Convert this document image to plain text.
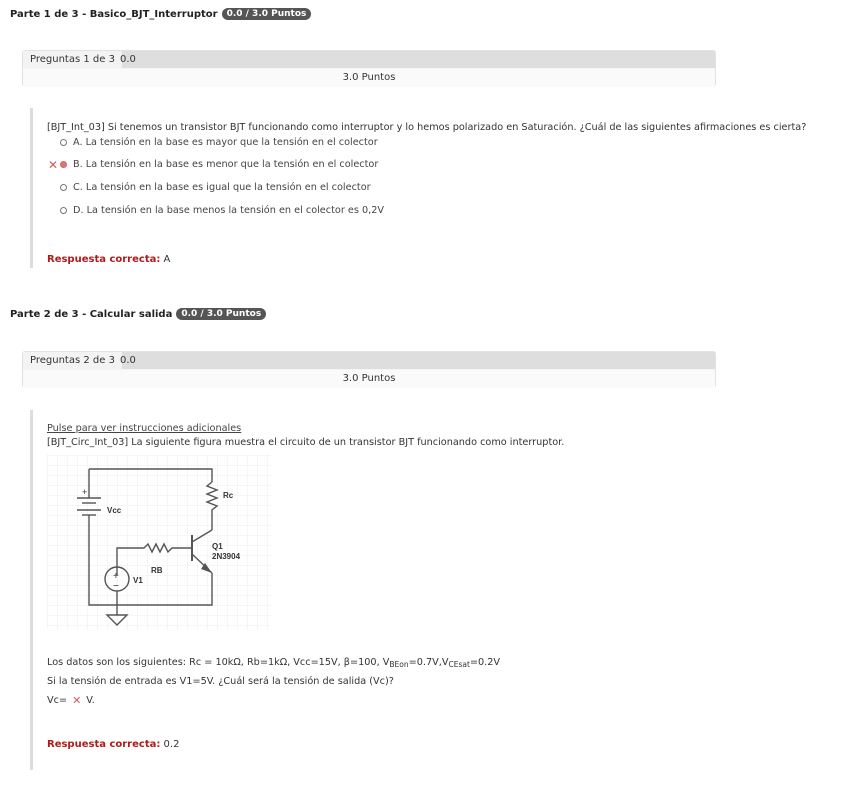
Parte 1 de 3 - Basico_BJT_Interruptor	0.0 / 3.0 Puntos
Preguntas 1 de 3 0.0
3.0 Puntos
[BJT_Int_03] Si tenemos un transistor BJT funcionando como interruptor y lo hemos polarizado en Saturación. ¿Cuál de las siguientes afirmaciones es cierta?
A. La tensión en la base es mayor que la tensión en el colector
✕ B. La tensión en la base es menor que la tensión en el colector
C. La tensión en la base es igual que la tensión en el colector
D. La tensión en la base menos la tensión en el colector es 0,2V
Respuesta correcta: A
Parte 2 de 3 - Calcular salida	0.0 / 3.0 Puntos
Preguntas 2 de 3 0.0
3.0 Puntos
Pulse para ver instrucciones adicionales
[BJT_Circ_Int_03] La siguiente figura muestra el circuito de un transistor BJT funcionando como interruptor.
+
Vcc
Rc
Q1
2N3904
RB
V1
+
−
Los datos son los siguientes: Rc = 10kΩ, Rb=1kΩ, Vcc=15V, β=100, $V_{BEon}=0.7V,V_{CEsat}=0.2V$
Si la tensión de entrada es V1=5V. ¿Cuál será la tensión de salida (Vc)?
Vc= ✕ V.
Respuesta correcta: 0.2
